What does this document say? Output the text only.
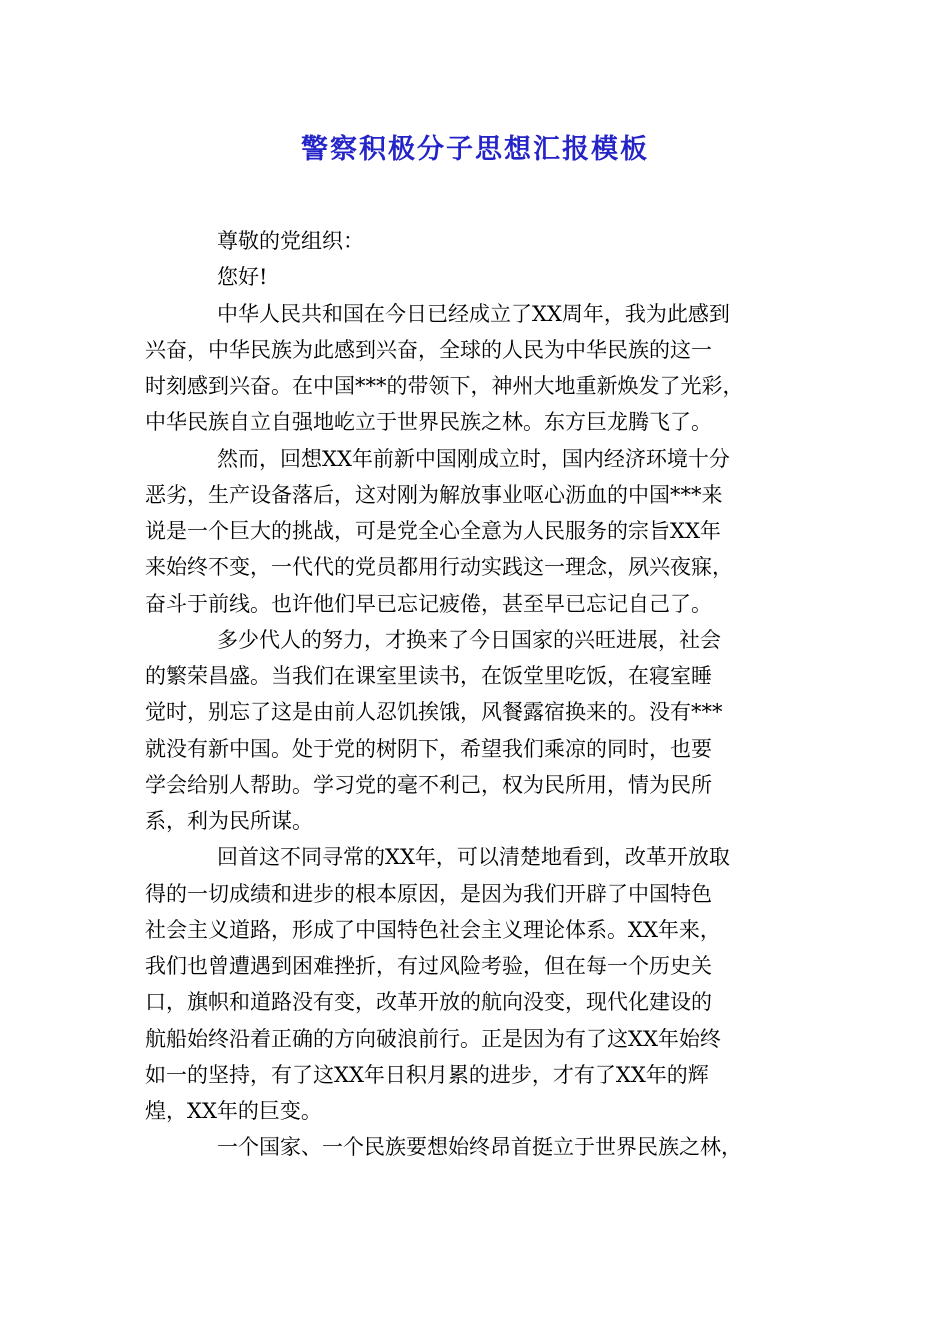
警察积极分子思想汇报模板
尊敬的党组织：
您好!
中华人民共和国在今日已经成立了XX周年，我为此感到
兴奋，中华民族为此感到兴奋，全球的人民为中华民族的这一
时刻感到兴奋。在中国***的带领下，神州大地重新焕发了光彩，
中华民族自立自强地屹立于世界民族之林。东方巨龙腾飞了。
然而，回想XX年前新中国刚成立时，国内经济环境十分
恶劣，生产设备落后，这对刚为解放事业呕心沥血的中国***来
说是一个巨大的挑战，可是党全心全意为人民服务的宗旨XX年
来始终不变，一代代的党员都用行动实践这一理念，夙兴夜寐，
奋斗于前线。也许他们早已忘记疲倦，甚至早已忘记自己了。
多少代人的努力，才换来了今日国家的兴旺进展，社会
的繁荣昌盛。当我们在课室里读书，在饭堂里吃饭，在寝室睡
觉时，别忘了这是由前人忍饥挨饿，风餐露宿换来的。没有***
就没有新中国。处于党的树阴下，希望我们乘凉的同时，也要
学会给别人帮助。学习党的毫不利己，权为民所用，情为民所
系，利为民所谋。
回首这不同寻常的XX年，可以清楚地看到，改革开放取
得的一切成绩和进步的根本原因，是因为我们开辟了中国特色
社会主义道路，形成了中国特色社会主义理论体系。XX年来，
我们也曾遭遇到困难挫折，有过风险考验，但在每一个历史关
口，旗帜和道路没有变，改革开放的航向没变，现代化建设的
航船始终沿着正确的方向破浪前行。正是因为有了这XX年始终
如一的坚持，有了这XX年日积月累的进步，才有了XX年的辉
煌，XX年的巨变。
一个国家、一个民族要想始终昂首挺立于世界民族之林，
